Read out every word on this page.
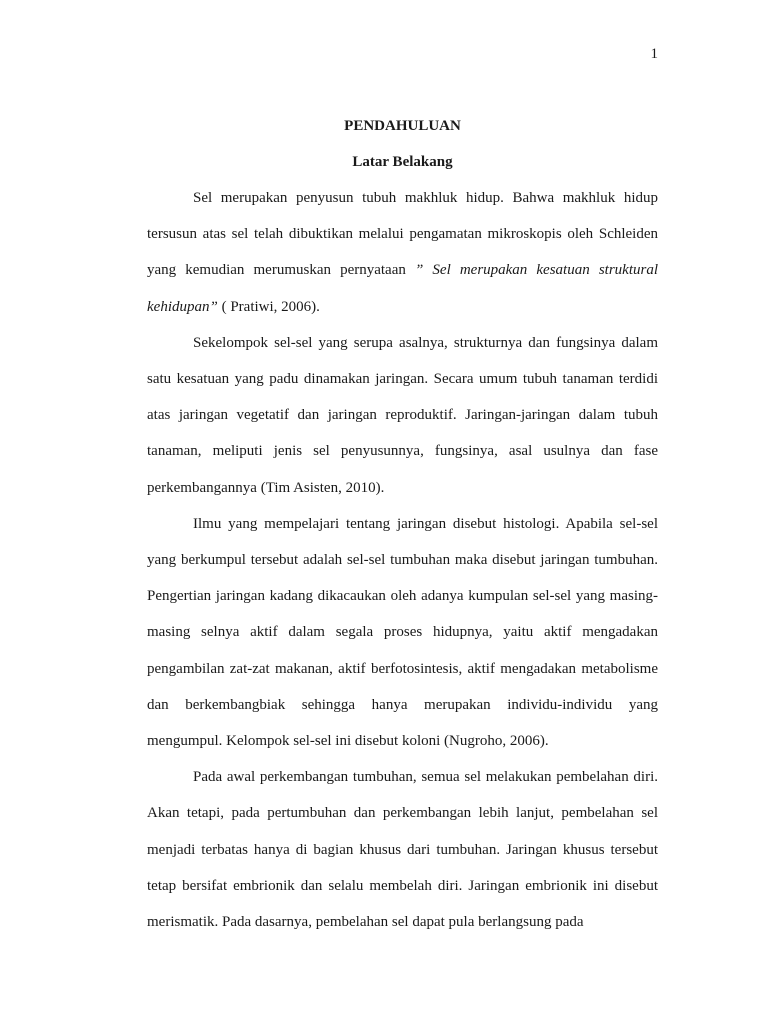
1

PENDAHULUAN

Latar Belakang

Sel merupakan penyusun tubuh makhluk hidup. Bahwa makhluk hidup tersusun atas sel telah dibuktikan melalui pengamatan mikroskopis oleh Schleiden yang kemudian merumuskan pernyataan ” Sel merupakan kesatuan struktural kehidupan” ( Pratiwi, 2006).

Sekelompok sel-sel yang serupa asalnya, strukturnya dan fungsinya dalam satu kesatuan yang padu dinamakan jaringan. Secara umum tubuh tanaman terdidi atas jaringan vegetatif dan jaringan reproduktif. Jaringan-jaringan dalam tubuh tanaman, meliputi jenis sel penyusunnya, fungsinya, asal usulnya dan fase perkembangannya (Tim Asisten, 2010).

Ilmu yang mempelajari tentang jaringan disebut histologi. Apabila sel-sel yang berkumpul tersebut adalah sel-sel tumbuhan maka disebut jaringan tumbuhan. Pengertian jaringan kadang dikacaukan oleh adanya kumpulan sel-sel yang masing-masing selnya aktif dalam segala proses hidupnya, yaitu aktif mengadakan pengambilan zat-zat makanan, aktif berfotosintesis, aktif mengadakan metabolisme dan berkembangbiak sehingga hanya merupakan individu-individu yang mengumpul. Kelompok sel-sel ini disebut koloni (Nugroho, 2006).

Pada awal perkembangan tumbuhan, semua sel melakukan pembelahan diri. Akan tetapi, pada pertumbuhan dan perkembangan lebih lanjut, pembelahan sel menjadi terbatas hanya di bagian khusus dari tumbuhan. Jaringan khusus tersebut tetap bersifat embrionik dan selalu membelah diri. Jaringan embrionik ini disebut merismatik. Pada dasarnya, pembelahan sel dapat pula berlangsung pada
